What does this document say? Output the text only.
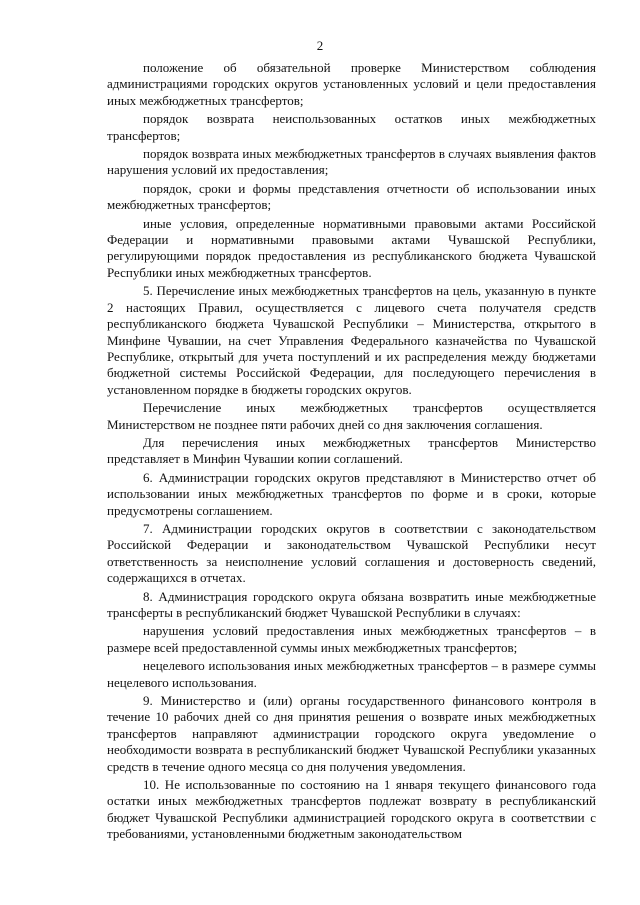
2

положение об обязательной проверке Министерством соблюдения администрациями городских округов установленных условий и цели предоставления иных межбюджетных трансфертов;

порядок возврата неиспользованных остатков иных межбюджетных трансфертов;

порядок возврата иных межбюджетных трансфертов в случаях выявления фактов нарушения условий их предоставления;

порядок, сроки и формы представления отчетности об использовании иных межбюджетных трансфертов;

иные условия, определенные нормативными правовыми актами Российской Федерации и нормативными правовыми актами Чувашской Республики, регулирующими порядок предоставления из республиканского бюджета Чувашской Республики иных межбюджетных трансфертов.

5. Перечисление иных межбюджетных трансфертов на цель, указанную в пункте 2 настоящих Правил, осуществляется с лицевого счета получателя средств республиканского бюджета Чувашской Республики – Министерства, открытого в Минфине Чувашии, на счет Управления Федерального казначейства по Чувашской Республике, открытый для учета поступлений и их распределения между бюджетами бюджетной системы Российской Федерации, для последующего перечисления в установленном порядке в бюджеты городских округов.

Перечисление иных межбюджетных трансфертов осуществляется Министерством не позднее пяти рабочих дней со дня заключения соглашения.

Для перечисления иных межбюджетных трансфертов Министерство представляет в Минфин Чувашии копии соглашений.

6. Администрации городских округов представляют в Министерство отчет об использовании иных межбюджетных трансфертов по форме и в сроки, которые предусмотрены соглашением.

7. Администрации городских округов в соответствии с законодательством Российской Федерации и законодательством Чувашской Республики несут ответственность за неисполнение условий соглашения и достоверность сведений, содержащихся в отчетах.

8. Администрация городского округа обязана возвратить иные межбюджетные трансферты в республиканский бюджет Чувашской Республики в случаях:

нарушения условий предоставления иных межбюджетных трансфертов – в размере всей предоставленной суммы иных межбюджетных трансфертов;

нецелевого использования иных межбюджетных трансфертов – в размере суммы нецелевого использования.

9. Министерство и (или) органы государственного финансового контроля в течение 10 рабочих дней со дня принятия решения о возврате иных межбюджетных трансфертов направляют администрации городского округа уведомление о необходимости возврата в республиканский бюджет Чувашской Республики указанных средств в течение одного месяца со дня получения уведомления.

10. Не использованные по состоянию на 1 января текущего финансового года остатки иных межбюджетных трансфертов подлежат возврату в республиканский бюджет Чувашской Республики администрацией городского округа в соответствии с требованиями, установленными бюджетным законодательством
